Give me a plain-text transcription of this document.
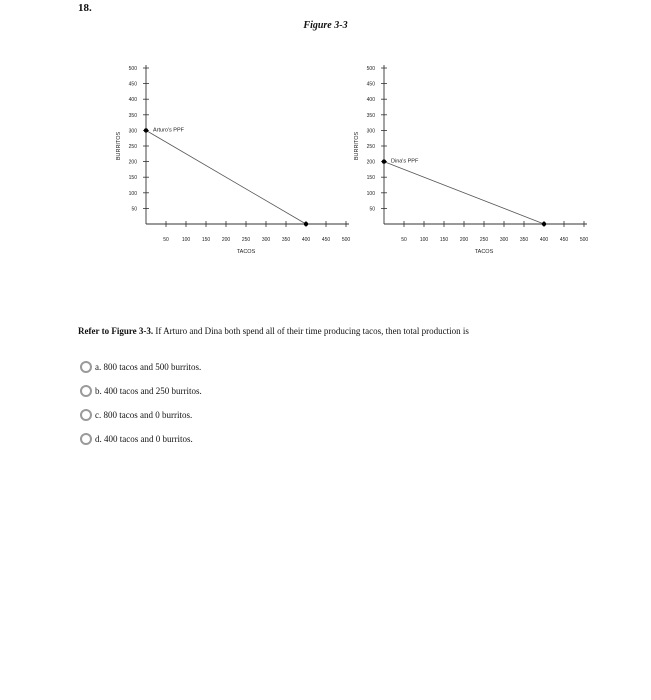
18.
Figure 3-3
500
450
400
350
300
250
200
150
100
50
50	100 150 200 250 300 350 400 450 500
TACOS
BURRITOS
Arturo's PPF
500
450
400
350
300
250
200
150
100
50
50	100 150 200 250 300 350 400 450 500
TACOS
BURRITOS
Dina's PPF
Refer to Figure 3-3. If Arturo and Dina both spend all of their time producing tacos, then total production is
a. 800 tacos and 500 burritos.
b. 400 tacos and 250 burritos.
c. 800 tacos and 0 burritos.
d. 400 tacos and 0 burritos.
